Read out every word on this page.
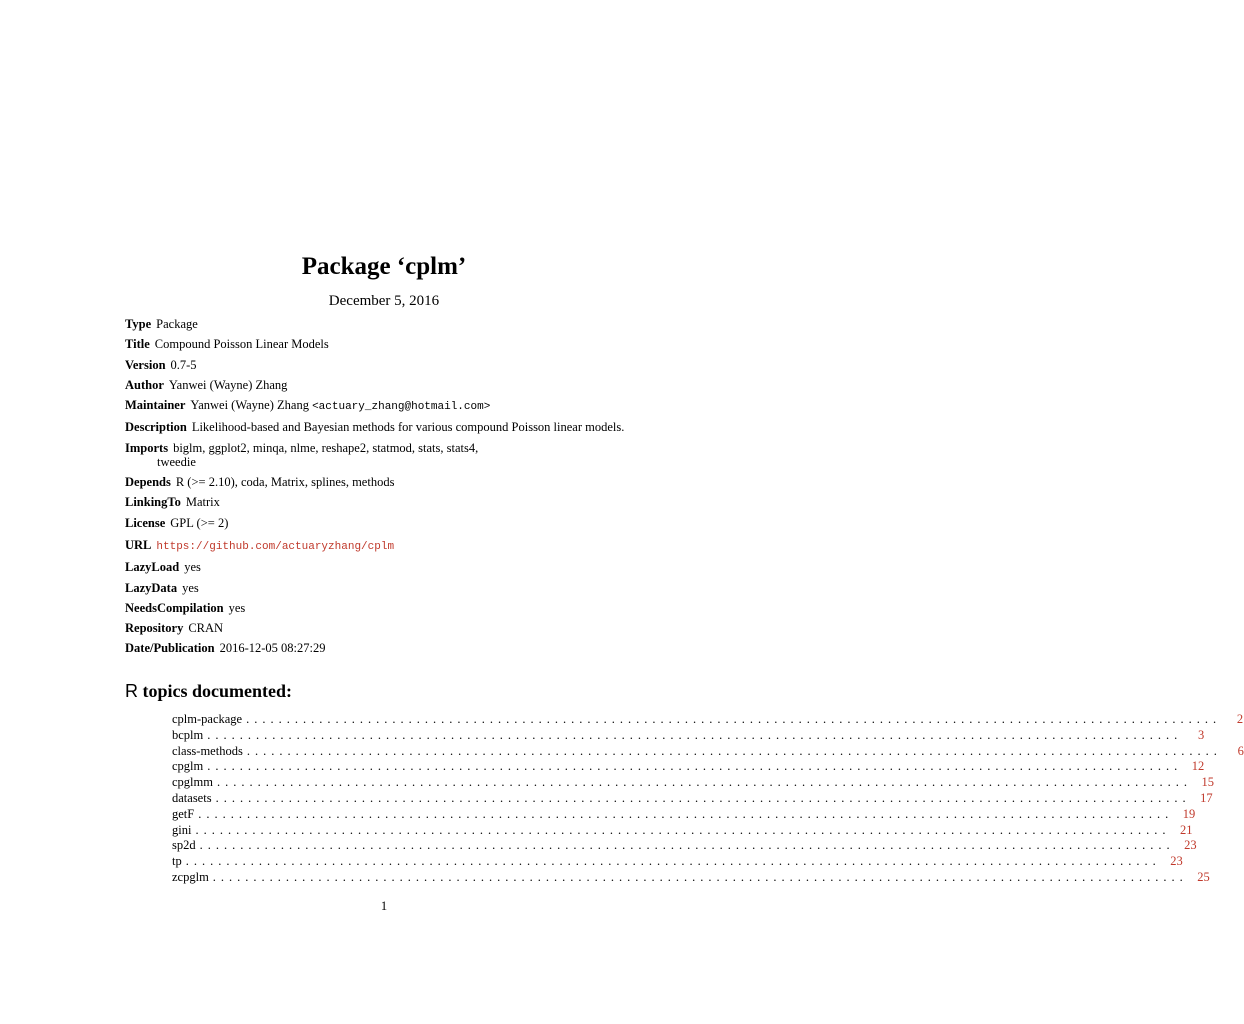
Package ‘cplm’
December 5, 2016
Type Package
Title Compound Poisson Linear Models
Version 0.7-5
Author Yanwei (Wayne) Zhang
Maintainer Yanwei (Wayne) Zhang <actuary_zhang@hotmail.com>
Description Likelihood-based and Bayesian methods for various compound Poisson linear models.
Imports biglm, ggplot2, minqa, nlme, reshape2, statmod, stats, stats4,
tweedie
Depends R (>= 2.10), coda, Matrix, splines, methods
LinkingTo Matrix
License GPL (>= 2)
URL https://github.com/actuaryzhang/cplm
LazyLoad yes
LazyData yes
NeedsCompilation yes
Repository CRAN
Date/Publication 2016-12-05 08:27:29
R topics documented:
cplm-package ........................................................................................................................	2
bcplm ........................................................................................................................	3
class-methods ........................................................................................................................	6
cpglm ........................................................................................................................ 12
cpglmm ........................................................................................................................ 15
datasets ........................................................................................................................ 17
getF ........................................................................................................................ 19
gini ........................................................................................................................ 21
sp2d ........................................................................................................................ 23
tp ........................................................................................................................ 23
zcpglm ........................................................................................................................ 25
1
